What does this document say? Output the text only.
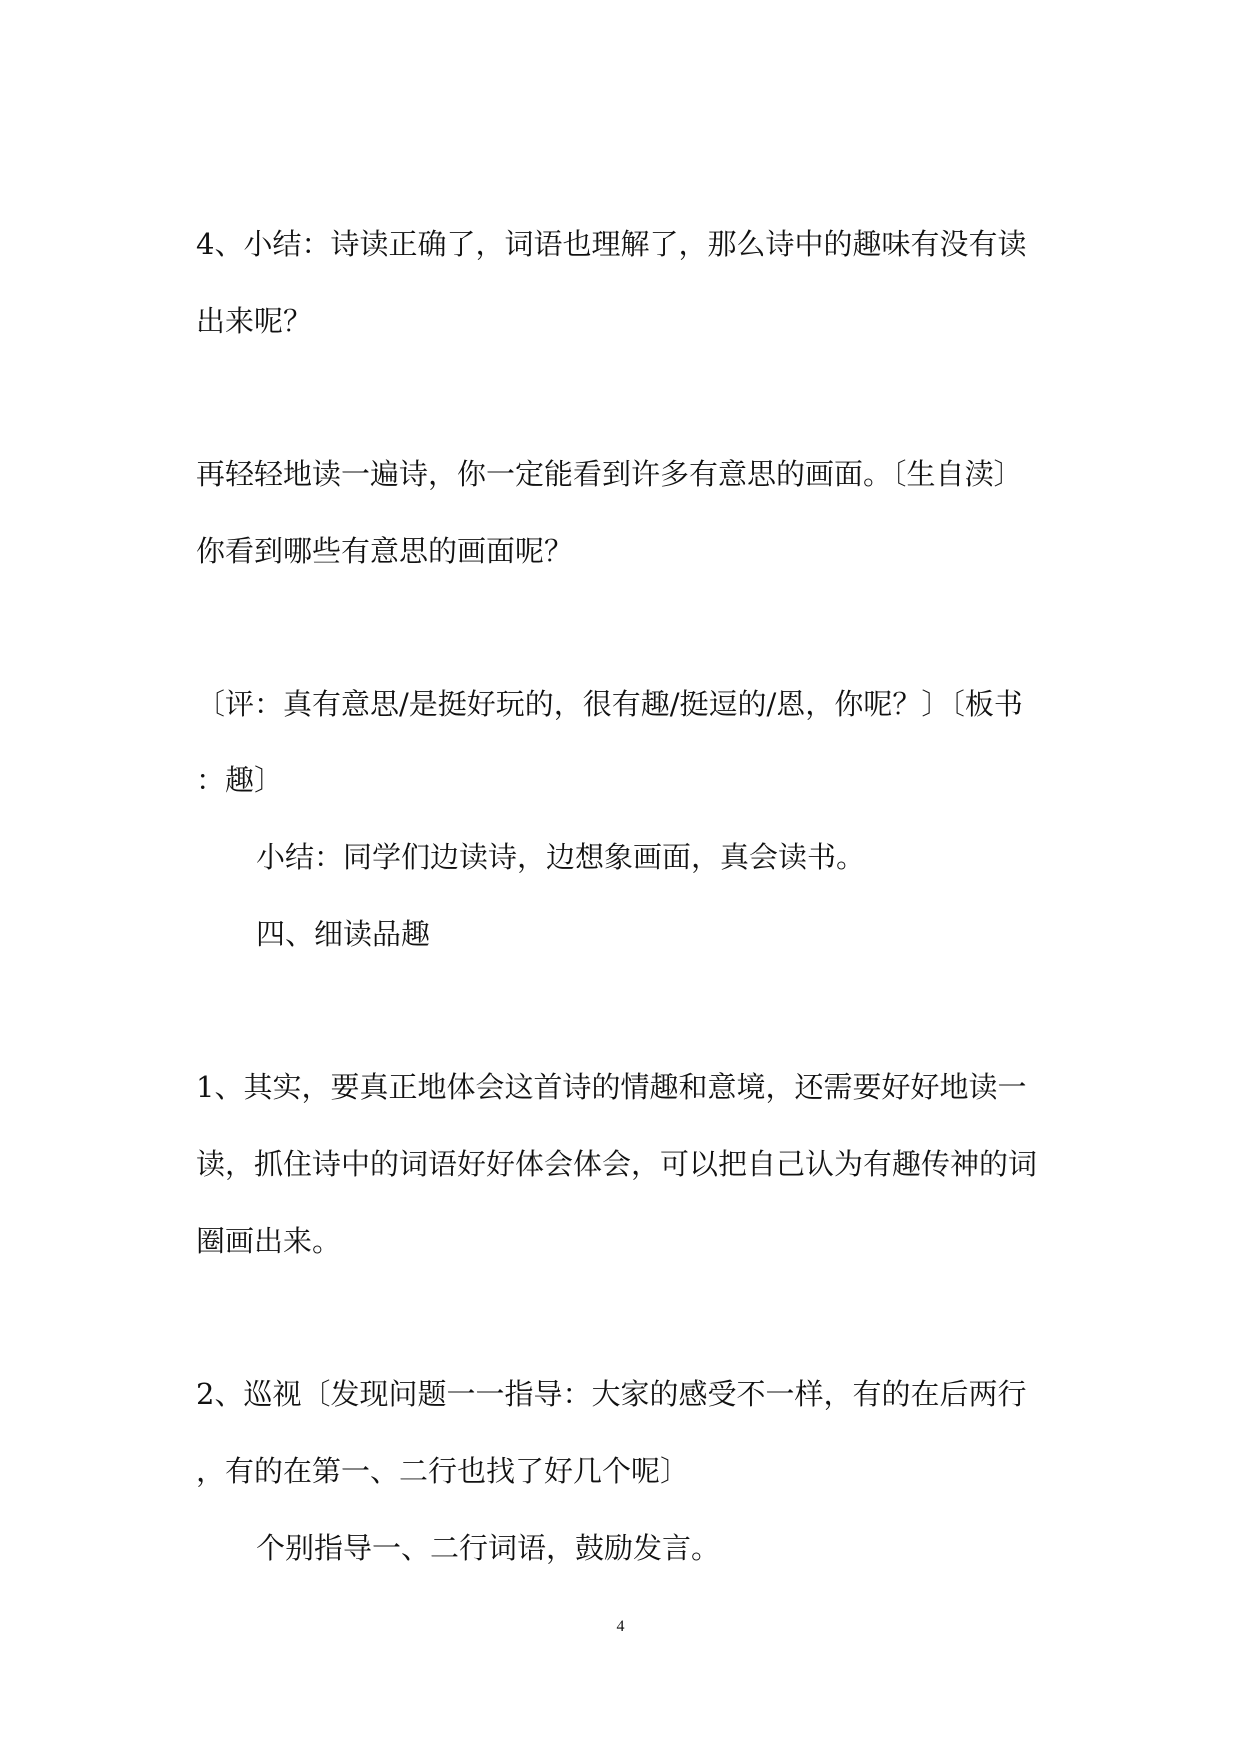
4、小结：诗读正确了，词语也理解了，那么诗中的趣味有没有读
出来呢？
再轻轻地读一遍诗，你一定能看到许多有意思的画面。〔生自渎〕
你看到哪些有意思的画面呢？
〔评：真有意思/是挺好玩的，很有趣/挺逗的/恩，你呢？〕〔板书
：趣〕
小结：同学们边读诗，边想象画面，真会读书。
四、细读品趣
1、其实，要真正地体会这首诗的情趣和意境，还需要好好地读一
读，抓住诗中的词语好好体会体会，可以把自己认为有趣传神的词
圈画出来。
2、巡视〔发现问题一一指导：大家的感受不一样，有的在后两行
，有的在第一、二行也找了好几个呢〕
个别指导一、二行词语，鼓励发言。
4
